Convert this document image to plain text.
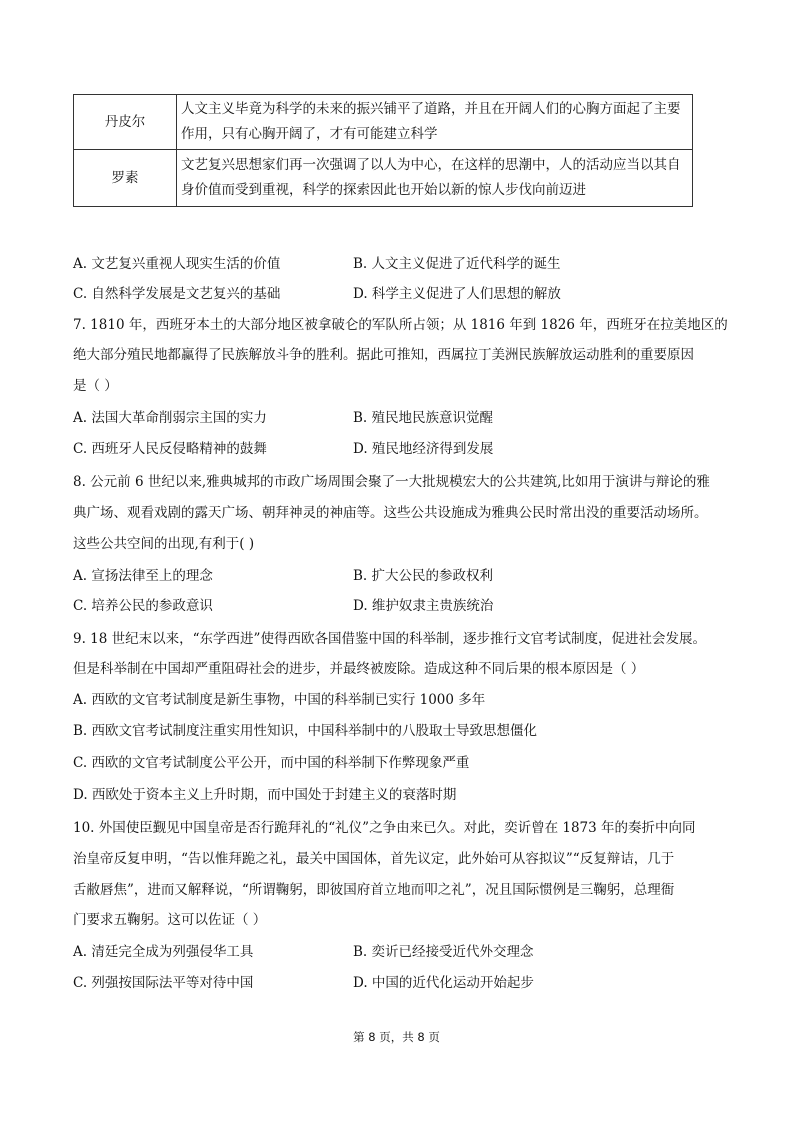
丹皮尔	人文主义毕竟为科学的未来的振兴铺平了道路，并且在开阔人们的心胸方面起了主要作用，只有心胸开阔了，才有可能建立科学
罗素	文艺复兴思想家们再一次强调了以人为中心，在这样的思潮中，人的活动应当以其自身价值而受到重视，科学的探索因此也开始以新的惊人步伐向前迈进
A. 文艺复兴重视人现实生活的价值	B. 人文主义促进了近代科学的诞生
C. 自然科学发展是文艺复兴的基础	D. 科学主义促进了人们思想的解放
7. 1810 年，西班牙本土的大部分地区被拿破仑的军队所占领；从 1816 年到 1826 年，西班牙在拉美地区的
绝大部分殖民地都赢得了民族解放斗争的胜利。据此可推知，西属拉丁美洲民族解放运动胜利的重要原因
是（ ）
A. 法国大革命削弱宗主国的实力	B. 殖民地民族意识觉醒
C. 西班牙人民反侵略精神的鼓舞	D. 殖民地经济得到发展
8. 公元前 6 世纪以来,雅典城邦的市政广场周围会聚了一大批规模宏大的公共建筑,比如用于演讲与辩论的雅
典广场、观看戏剧的露天广场、朝拜神灵的神庙等。这些公共设施成为雅典公民时常出没的重要活动场所。
这些公共空间的出现,有利于( )
A. 宣扬法律至上的理念	B. 扩大公民的参政权利
C. 培养公民的参政意识	D. 维护奴隶主贵族统治
9. 18 世纪末以来，“东学西进”使得西欧各国借鉴中国的科举制，逐步推行文官考试制度，促进社会发展。
但是科举制在中国却严重阻碍社会的进步，并最终被废除。造成这种不同后果的根本原因是（ ）
A. 西欧的文官考试制度是新生事物，中国的科举制已实行 1000 多年
B. 西欧文官考试制度注重实用性知识，中国科举制中的八股取士导致思想僵化
C. 西欧的文官考试制度公平公开，而中国的科举制下作弊现象严重
D. 西欧处于资本主义上升时期，而中国处于封建主义的衰落时期
10. 外国使臣觐见中国皇帝是否行跪拜礼的“礼仪”之争由来已久。对此，奕䜣曾在 1873 年的奏折中向同
治皇帝反复申明，“告以惟拜跪之礼，最关中国国体，首先议定，此外始可从容拟议”“反复辩诘，几于
舌敝唇焦”，进而又解释说，“所谓鞠躬，即彼国府首立地而叩之礼”，况且国际惯例是三鞠躬，总理衙
门要求五鞠躬。这可以佐证（ ）
A. 清廷完全成为列强侵华工具	B. 奕䜣已经接受近代外交理念
C. 列强按国际法平等对待中国	D. 中国的近代化运动开始起步
第 8 页，共 8 页
